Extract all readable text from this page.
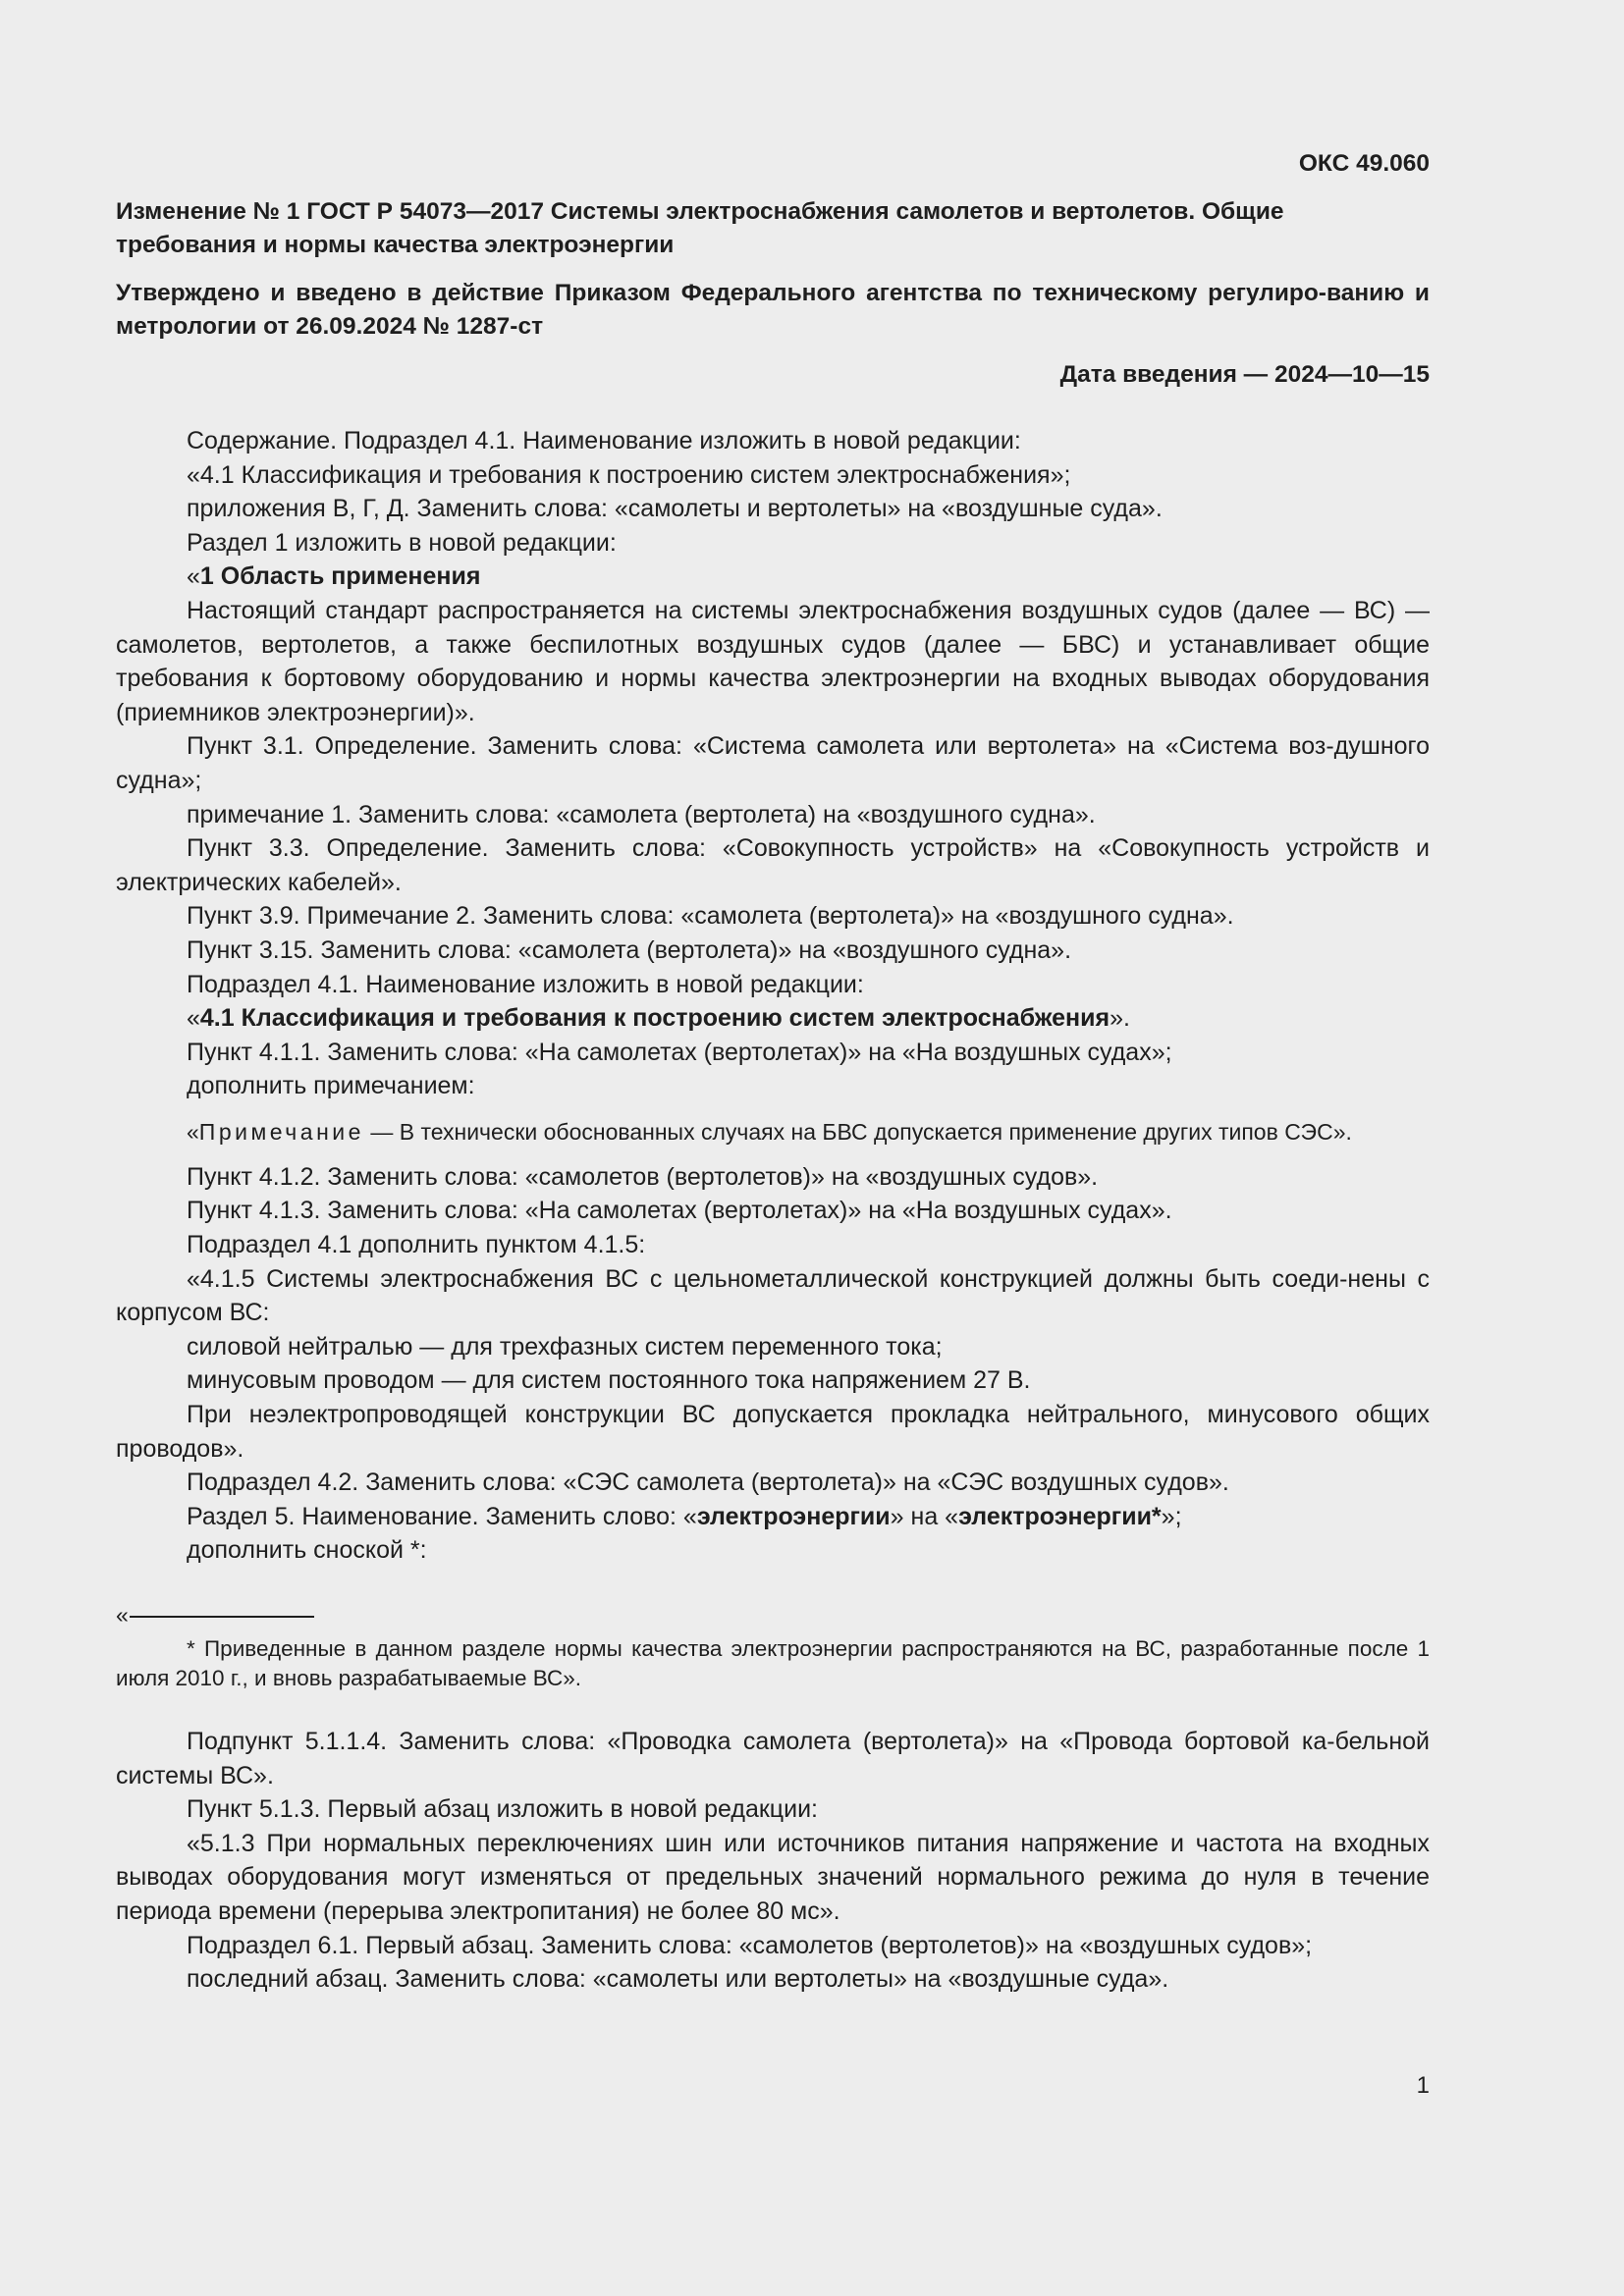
ОКС 49.060
Изменение № 1 ГОСТ Р 54073—2017 Системы электроснабжения самолетов и вертолетов. Общие требования и нормы качества электроэнергии
Утверждено и введено в действие Приказом Федерального агентства по техническому регулиро-ванию и метрологии от 26.09.2024 № 1287-ст
Дата введения — 2024—10—15

Содержание. Подраздел 4.1. Наименование изложить в новой редакции:

«4.1 Классификация и требования к построению систем электроснабжения»;

приложения В, Г, Д. Заменить слова: «самолеты и вертолеты» на «воздушные суда».

Раздел 1 изложить в новой редакции:

«1 Область применения

Настоящий стандарт распространяется на системы электроснабжения воздушных судов (далее — ВС) — самолетов, вертолетов, а также беспилотных воздушных судов (далее — БВС) и устанавливает общие требования к бортовому оборудованию и нормы качества электроэнергии на входных выводах оборудования (приемников электроэнергии)».

Пункт 3.1. Определение. Заменить слова: «Система самолета или вертолета» на «Система воз-душного судна»;

примечание 1. Заменить слова: «самолета (вертолета) на «воздушного судна».

Пункт 3.3. Определение. Заменить слова: «Совокупность устройств» на «Совокупность устройств и электрических кабелей».

Пункт 3.9. Примечание 2. Заменить слова: «самолета (вертолета)» на «воздушного судна».

Пункт 3.15. Заменить слова: «самолета (вертолета)» на «воздушного судна».

Подраздел 4.1. Наименование изложить в новой редакции:

«4.1 Классификация и требования к построению систем электроснабжения».

Пункт 4.1.1. Заменить слова: «На самолетах (вертолетах)» на «На воздушных судах»;

дополнить примечанием:

«Примечание — В технически обоснованных случаях на БВС допускается применение других типов СЭС».

Пункт 4.1.2. Заменить слова: «самолетов (вертолетов)» на «воздушных судов».

Пункт 4.1.3. Заменить слова: «На самолетах (вертолетах)» на «На воздушных судах».

Подраздел 4.1 дополнить пунктом 4.1.5:

«4.1.5 Системы электроснабжения ВС с цельнометаллической конструкцией должны быть соеди-нены с корпусом ВС:

силовой нейтралью — для трехфазных систем переменного тока;

минусовым проводом — для систем постоянного тока напряжением 27 В.

При неэлектропроводящей конструкции ВС допускается прокладка нейтрального, минусового общих проводов».

Подраздел 4.2. Заменить слова: «СЭС самолета (вертолета)» на «СЭС воздушных судов».

Раздел 5. Наименование. Заменить слово: «электроэнергии» на «электроэнергии*»;

дополнить сноской *:

«

* Приведенные в данном разделе нормы качества электроэнергии распространяются на ВС, разработанные после 1 июля 2010 г., и вновь разрабатываемые ВС».

Подпункт 5.1.1.4. Заменить слова: «Проводка самолета (вертолета)» на «Провода бортовой ка-бельной системы ВС».

Пункт 5.1.3. Первый абзац изложить в новой редакции:

«5.1.3 При нормальных переключениях шин или источников питания напряжение и частота на входных выводах оборудования могут изменяться от предельных значений нормального режима до нуля в течение периода времени (перерыва электропитания) не более 80 мс».

Подраздел 6.1. Первый абзац. Заменить слова: «самолетов (вертолетов)» на «воздушных судов»;

последний абзац. Заменить слова: «самолеты или вертолеты» на «воздушные суда».

1
